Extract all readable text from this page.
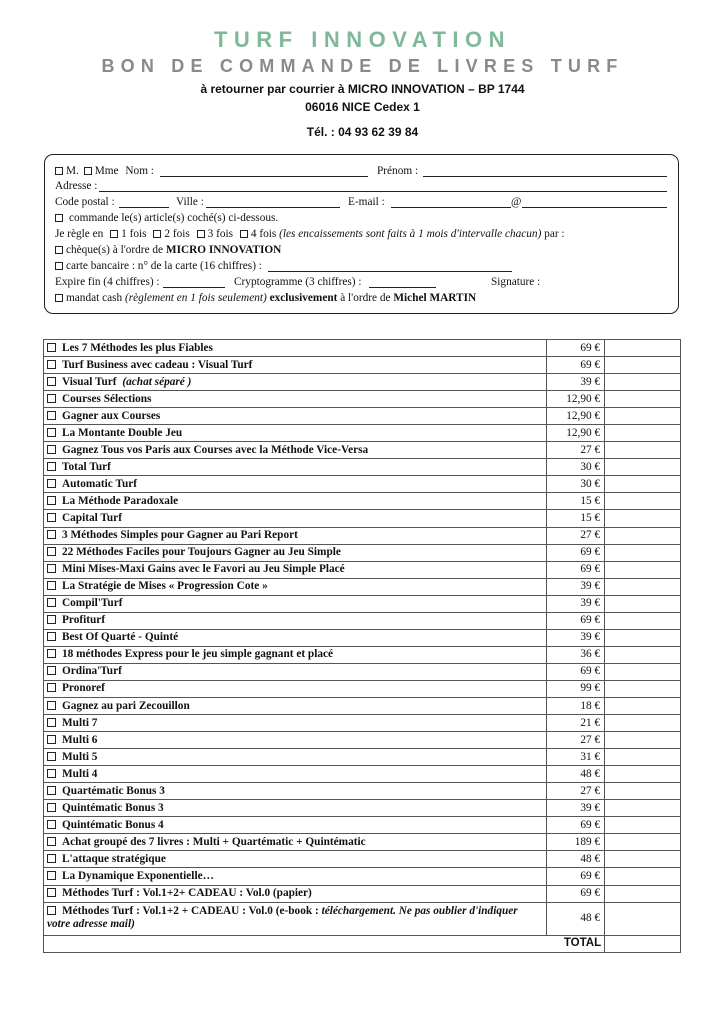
TURF INNOVATION
BON DE COMMANDE DE LIVRES TURF
à retourner par courrier à MICRO INNOVATION – BP 1744
06016 NICE Cedex 1
Tél. : 04 93 62 39 84
M. Mme Nom :	Prénom :
Adresse :
Code postal :	Ville :	E-mail :	@
commande le(s) article(s) coché(s) ci-dessous.
Je règle en 1 fois 2 fois 3 fois 4 fois (les encaissements sont faits à 1 mois d'intervalle chacun) par :
chèque(s) à l'ordre de MICRO INNOVATION
carte bancaire : n° de la carte (16 chiffres) :
Expire fin (4 chiffres) :	Cryptogramme (3 chiffres) :	Signature :
mandat cash (règlement en 1 fois seulement) exclusivement à l'ordre de Michel MARTIN
Les 7 Méthodes les plus Fiables	69 €	
Turf Business avec cadeau : Visual Turf	69 €	
Visual Turf (achat séparé )	39 €	
Courses Sélections	12,90 €	
Gagner aux Courses	12,90 €	
La Montante Double Jeu	12,90 €	
Gagnez Tous vos Paris aux Courses avec la Méthode Vice-Versa	27 €	
Total Turf	30 €	
Automatic Turf	30 €	
La Méthode Paradoxale	15 €	
Capital Turf	15 €	
3 Méthodes Simples pour Gagner au Pari Report	27 €	
22 Méthodes Faciles pour Toujours Gagner au Jeu Simple	69 €	
Mini Mises-Maxi Gains avec le Favori au Jeu Simple Placé	69 €	
La Stratégie de Mises « Progression Cote »	39 €	
Compil'Turf	39 €	
Profiturf	69 €	
Best Of Quarté - Quinté	39 €	
18 méthodes Express pour le jeu simple gagnant et placé	36 €	
Ordina'Turf	69 €	
Pronoref	99 €	
Gagnez au pari Zecouillon	18 €	
Multi 7	21 €	
Multi 6	27 €	
Multi 5	31 €	
Multi 4	48 €	
Quartématic Bonus 3	27 €	
Quintématic Bonus 3	39 €	
Quintématic Bonus 4	69 €	
Achat groupé des 7 livres : Multi + Quartématic + Quintématic	189 €	
L'attaque stratégique	48 €	
La Dynamique Exponentielle…	69 €	
Méthodes Turf : Vol.1+2+ CADEAU : Vol.0 (papier)	69 €	
Méthodes Turf : Vol.1+2 + CADEAU : Vol.0 (e-book : téléchargement. Ne pas oublier d'indiquer votre adresse mail)	48 €	
TOTAL		
